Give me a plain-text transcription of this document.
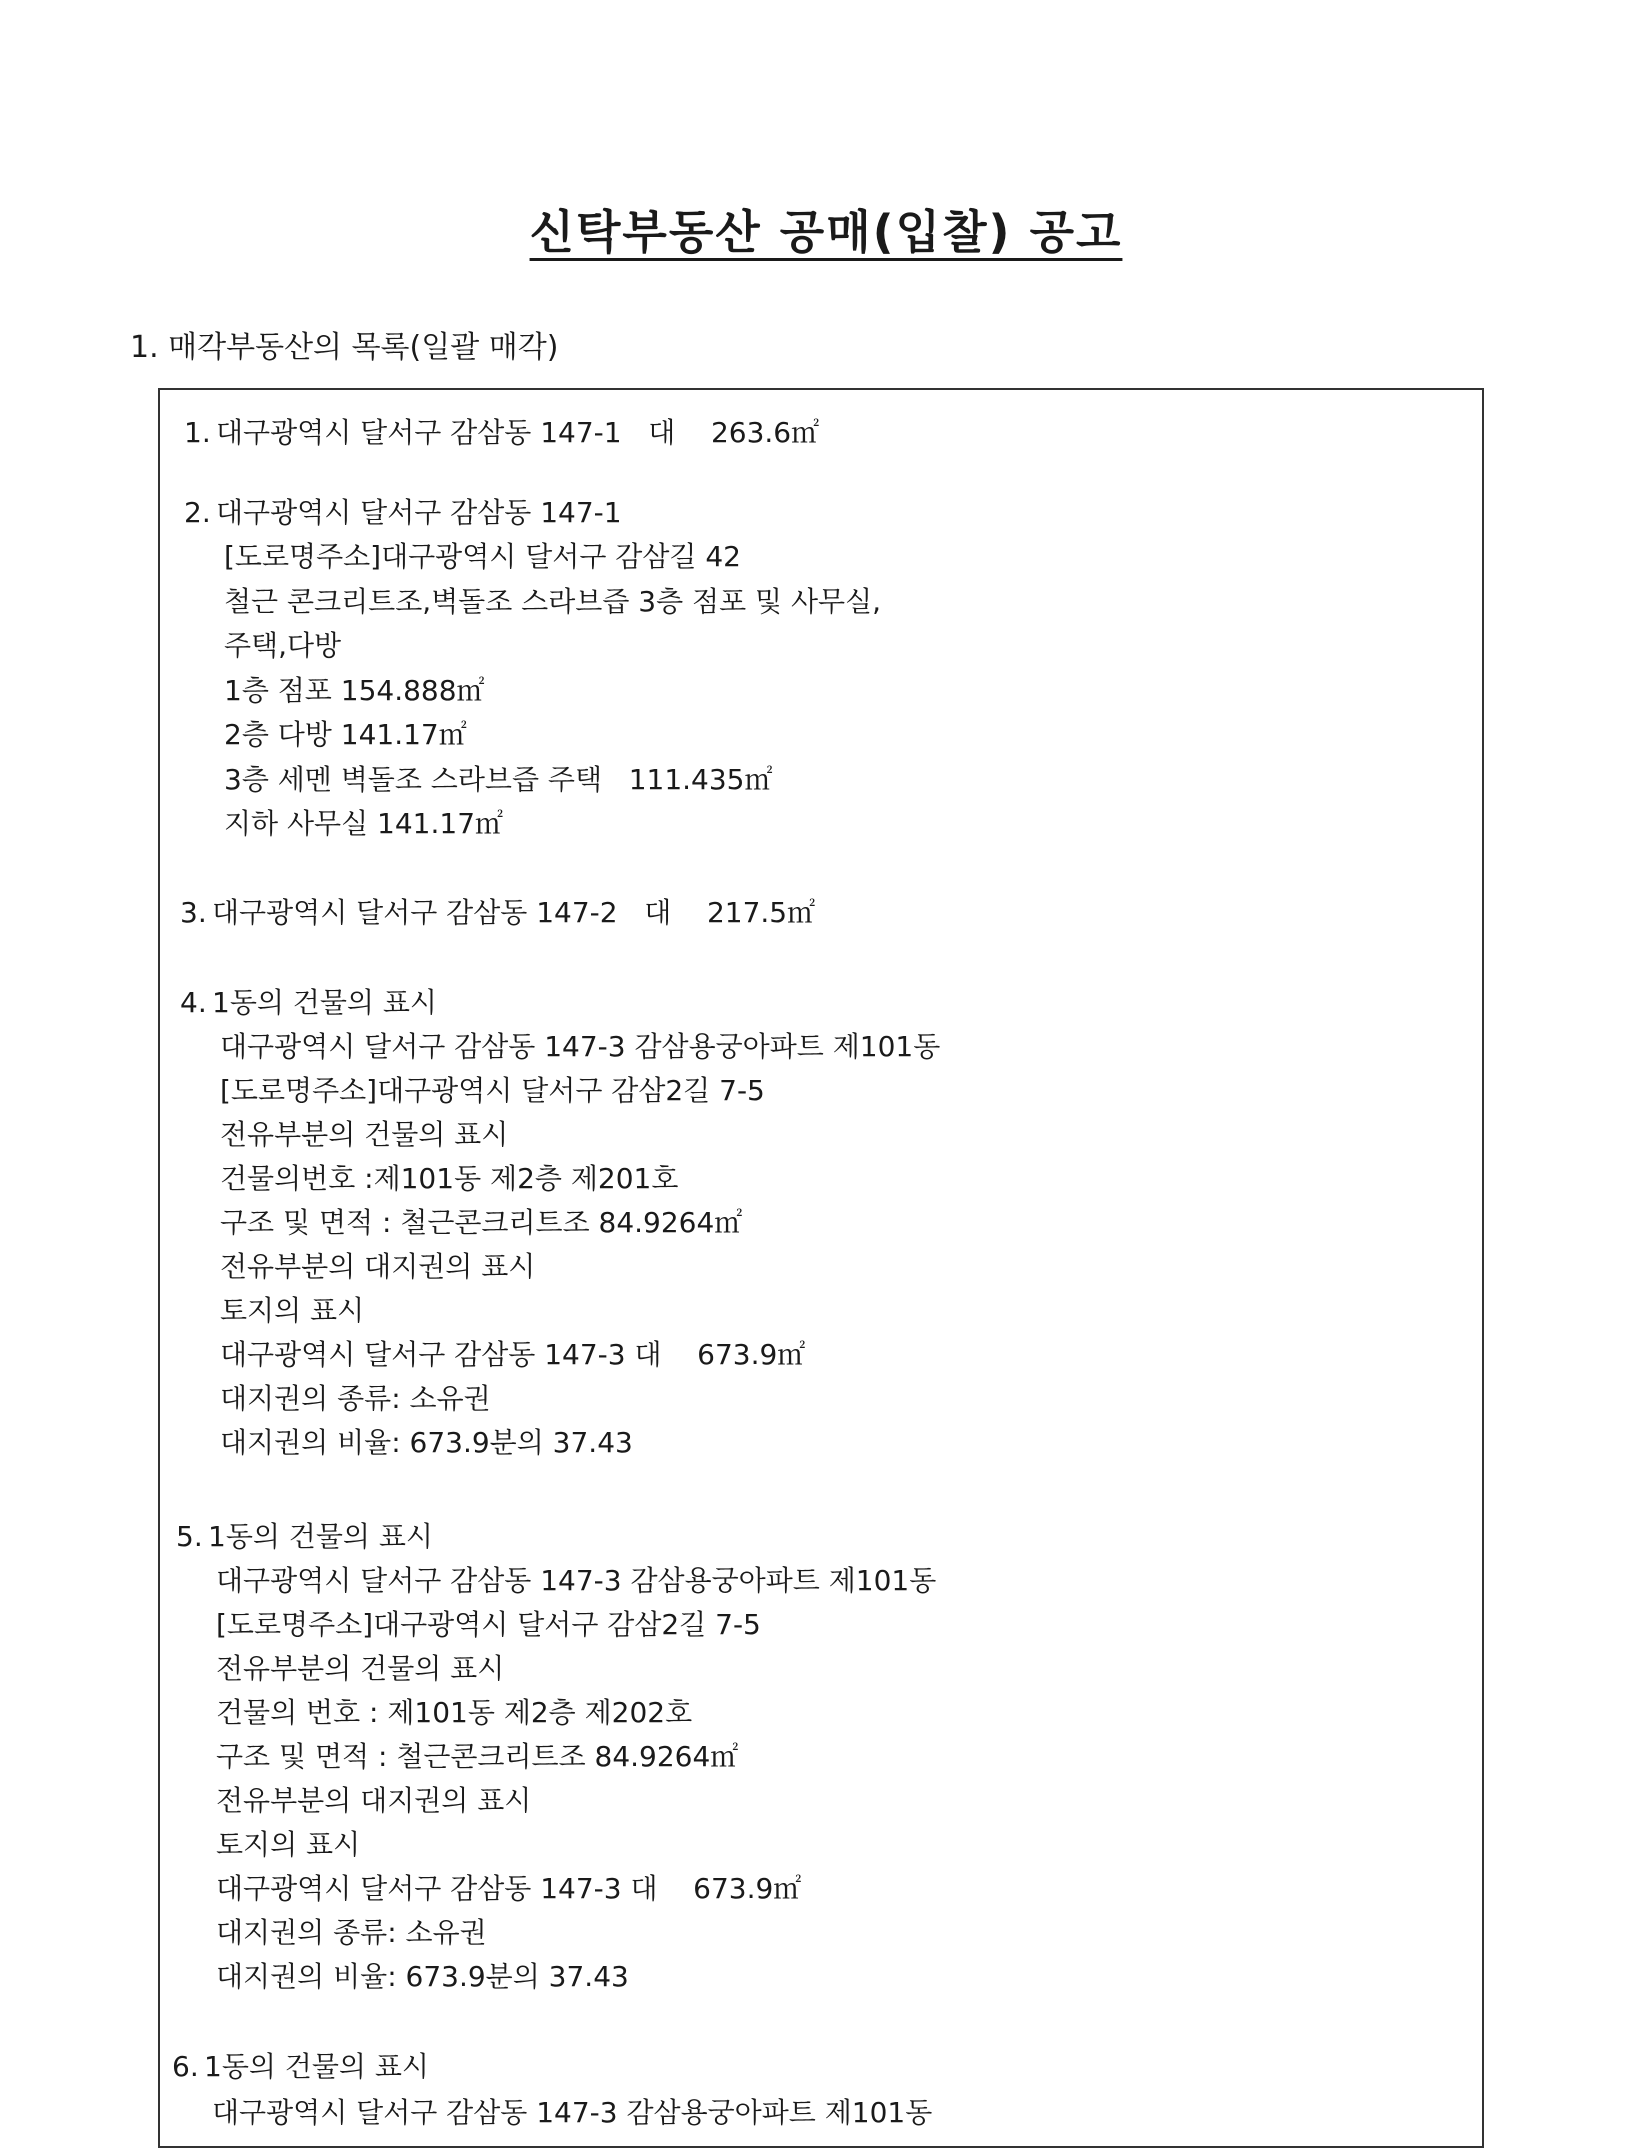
신탁부동산 공매(입찰) 공고
1. 매각부동산의 목록(일괄 매각)
1. 대구광역시 달서구 감삼동 147-1   대    263.6㎡
2. 대구광역시 달서구 감삼동 147-1
[도로명주소]대구광역시 달서구 감삼길 42
철근 콘크리트조,벽돌조 스라브즙 3층 점포 및 사무실,
주택,다방
1층 점포 154.888㎡
2층 다방 141.17㎡
3층 세멘 벽돌조 스라브즙 주택   111.435㎡
지하 사무실 141.17㎡
3. 대구광역시 달서구 감삼동 147-2   대    217.5㎡
4. 1동의 건물의 표시
대구광역시 달서구 감삼동 147-3 감삼용궁아파트 제101동
[도로명주소]대구광역시 달서구 감삼2길 7-5
전유부분의 건물의 표시
건물의번호 :제101동 제2층 제201호
구조 및 면적 : 철근콘크리트조 84.9264㎡
전유부분의 대지권의 표시
토지의 표시
대구광역시 달서구 감삼동 147-3 대    673.9㎡
대지권의 종류: 소유권
대지권의 비율: 673.9분의 37.43
5. 1동의 건물의 표시
대구광역시 달서구 감삼동 147-3 감삼용궁아파트 제101동
[도로명주소]대구광역시 달서구 감삼2길 7-5
전유부분의 건물의 표시
건물의 번호 : 제101동 제2층 제202호
구조 및 면적 : 철근콘크리트조 84.9264㎡
전유부분의 대지권의 표시
토지의 표시
대구광역시 달서구 감삼동 147-3 대    673.9㎡
대지권의 종류: 소유권
대지권의 비율: 673.9분의 37.43
6. 1동의 건물의 표시
대구광역시 달서구 감삼동 147-3 감삼용궁아파트 제101동
